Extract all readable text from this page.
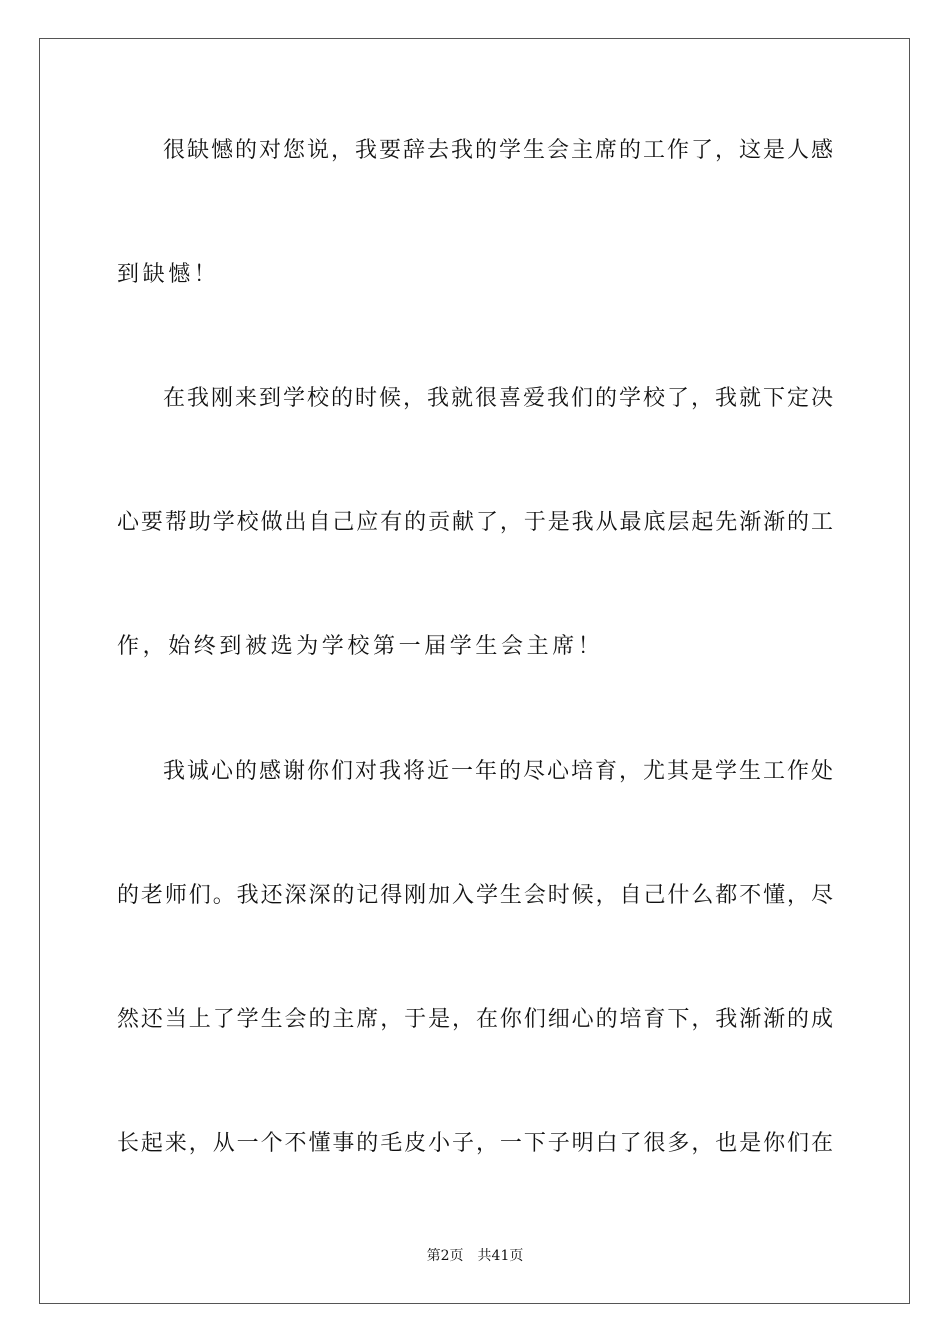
很缺憾的对您说，我要辞去我的学生会主席的工作了，这是人感
到缺憾！
在我刚来到学校的时候，我就很喜爱我们的学校了，我就下定决
心要帮助学校做出自己应有的贡献了，于是我从最底层起先渐渐的工
作，始终到被选为学校第一届学生会主席！
我诚心的感谢你们对我将近一年的尽心培育，尤其是学生工作处
的老师们。我还深深的记得刚加入学生会时候，自己什么都不懂，尽
然还当上了学生会的主席，于是，在你们细心的培育下，我渐渐的成
长起来，从一个不懂事的毛皮小子，一下子明白了很多，也是你们在
第2页 共41页
